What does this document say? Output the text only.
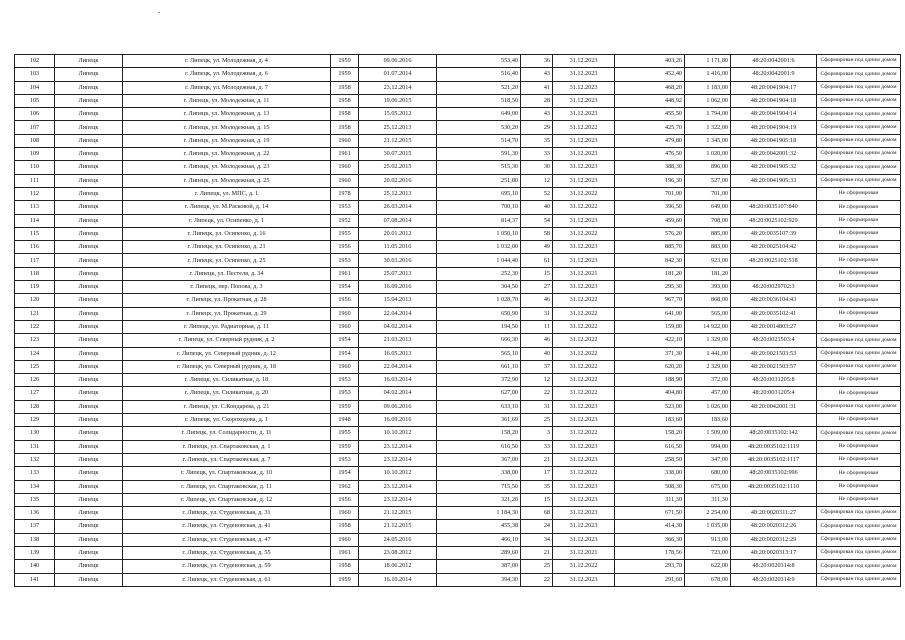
102	Липецк	г. Липецк, ул. Молодежная, д. 4	1959	09.06.2016	553,40	36	31.12.2023	403,26	1 171,80	48:20:0042001:6	Сформирован под одним домом
103	Липецк	г. Липецк, ул. Молодежная, д. 6	1959	01.07.2014	516,40	43	31.12.2023	452,40	1 416,00	48:20:0042001:9	Сформирован под одним домом
104	Липецк	г. Липецк, ул. Молодежная, д. 7	1958	23.12.2014	521,20	41	31.12.2023	468,20	1 183,00	48:20:0041904:17	Сформирован под одним домом
105	Липецк	г. Липецк, ул. Молодежная, д. 11	1958	19.06.2015	518,50	28	31.12.2023	448,92	1 062,00	48:20:0041904:18	Сформирован под одним домом
106	Липецк	г. Липецк, ул. Молодежная, д. 13	1958	15.05.2012	649,00	43	31.12.2023	455,50	1 794,00	48:20:0041904:14	Сформирован под одним домом
107	Липецк	г. Липецк, ул. Молодежная, д. 15	1958	25.12.2013	530,20	29	31.12.2022	425,70	1 322,00	48:20:0041904:19	Сформирован под одним домом
108	Липецк	г. Липецк, ул. Молодежная, д. 19	1960	21.12.2015	514,70	35	31.12.2023	479,80	1 345,00	48:20:0041905:18	Сформирован под одним домом
109	Липецк	г. Липецк, ул. Молодежная, д. 22	1961	30.07.2015	591,30	33	31.12.2023	476,50	1 020,00	48:20:0042001:32	Сформирован под одним домом
110	Липецк	г. Липецк, ул. Молодежная, д. 23	1960	25.02.2015	515,30	30	31.12.2023	388,30	896,00	48:20:0041905:32	Сформирован под одним домом
111	Липецк	г. Липецк, ул. Молодежная, д. 25	1960	20.02.2016	251,80	12	31.12.2023	196,30	527,00	48:20:0041905:33	Сформирован под одним домом
112	Липецк	г. Липецк, ул. МПС, д. 1	1978	25.12.2013	695,10	52	31.12.2022	701,00	701,00		Не сформирован
113	Липецк	г. Липецк, ул. М.Расковой, д. 14	1953	26.03.2014	700,10	40	31.12.2022	396,50	649,00	48:20:0035107:840	Не сформирован
114	Липецк	г. Липецк, ул. Осипенко, д. 1	1952	07.08.2014	814,37	54	31.12.2023	459,60	708,00	48:20:0025102:929	Не сформирован
115	Липецк	г. Липецк, ул. Осипенко, д. 16	1955	20.01.2012	1 050,10	58	31.12.2022	576,20	885,00	48:20:0035107:39	Не сформирован
116	Липецк	г. Липецк, ул. Осипенко, д. 21	1956	11.05.2016	1 032,00	49	31.12.2023	885,70	883,00	48:20:0025104:42	Не сформирован
117	Липецк	г. Липецк, ул. Осипенко, д. 25	1953	30.03.2016	1 044,40	61	31.12.2023	842,30	923,00	48:20:0025102:518	Не сформирован
118	Липецк	г. Липецк, ул. Пестеля, д. 34	1961	25.07.2013	252,30	15	31.12.2021	181,20	181,20		Не сформирован
119	Липецк	г. Липецк, пер. Попова, д. 3	1954	16.09.2016	304,50	27	31.12.2023	295,30	393,00	48:20:0029702:3	Не сформирован
120	Липецк	г. Липецк, ул. Прокатная, д. 28	1956	15.04.2013	1 028,70	46	31.12.2022	967,70	868,00	48:20:0036104:43	Не сформирован
121	Липецк	г. Липецк, ул. Прокатная, д. 29	1960	22.04.2014	650,90	31	31.12.2022	641,00	565,00	48:20:0035102:41	Не сформирован
122	Липецк	г. Липецк, ул. Радиаторная, д. 11	1960	04.02.2014	194,50	11	31.12.2022	159,80	14 922,00	48:20:0014803:27	Не сформирован
123	Липецк	г. Липецк, ул. Северный рудник, д. 2	1954	21.03.2013	666,30	46	31.12.2022	422,10	1 329,00	48:20:0021503:4	Сформирован под одним домом
124	Липецк	г. Липецк, ул. Северный рудник, д. 12	1954	16.05.2013	565,10	40	31.12.2022	371,30	1 441,00	48:20:0021503:53	Сформирован под одним домом
125	Липецк	г. Липецк, ул. Северный рудник, д. 18	1960	22.04.2014	661,10	37	31.12.2022	620,20	2 329,00	48:20:0021503:57	Сформирован под одним домом
126	Липецк	г. Липецк, ул. Силикатная, д. 18	1953	16.03.2014	372,90	12	31.12.2022	188,90	372,00	48:20:0031205:8	Не сформирован
127	Липецк	г. Липецк, ул. Силикатная, д. 20	1953	04.02.2014	627,00	22	31.12.2022	404,80	457,00	48:20:0031205:4	Не сформирован
128	Липецк	г. Липецк, ул. С.Кондарева, д. 21	1959	09.06.2016	633,10	31	31.12.2023	523,00	1 026,00	48:20:0042001:31	Сформирован под одним домом
129	Липецк	г. Липецк, ул. Скороходова, д. 1	1948	16.09.2016	361,69	25	31.12.2023	183,60	183,60		Не сформирован
130	Липецк	г. Липецк, ул. Солидарности, д. 11	1955	10.10.2012	158,20	3	31.12.2022	158,20	1 509,00	48:20:0035102:142	Сформирован под одним домом
131	Липецк	г. Липецк, ул. Спартаковская, д. 1	1959	23.12.2014	616,50	33	31.12.2023	616,50	994,00	48:20:0035102:1119	Не сформирован
132	Липецк	г. Липецк, ул. Спартаковская, д. 7	1953	23.12.2014	367,00	21	31.12.2023	258,50	347,00	48:20:0035102:1117	Не сформирован
133	Липецк	г. Липецк, ул. Спартаковская, д. 10	1954	10.10.2012	338,00	17	31.12.2022	338,00	680,00	48:20:0035102:996	Не сформирован
134	Липецк	г. Липецк, ул. Спартаковская, д. 11	1962	23.12.2014	715,50	35	31.12.2023	508,30	675,00	48:20:0035102:1110	Не сформирован
135	Липецк	г. Липецк, ул. Спартаковская, д. 12	1956	23.12.2014	321,20	15	31.12.2023	311,30	311,30		Не сформирован
136	Липецк	г. Липецк, ул. Студеновская, д. 31	1960	21.12.2015	1 184,30	68	31.12.2023	671,50	2 254,00	48:20:0020311:27	Сформирован под одним домом
137	Липецк	г. Липецк, ул. Студеновская, д. 41	1958	21.12.2015	455,38	24	31.12.2023	414,30	1 035,00	48:20:0020312:26	Сформирован под одним домом
138	Липецк	г. Липецк, ул. Студеновская, д. 47	1960	24.05.2016	466,10	34	31.12.2023	366,30	913,00	48:20:0020312:29	Сформирован под одним домом
139	Липецк	г. Липецк, ул. Студеновская, д. 55	1961	23.08.2012	289,60	21	31.12.2021	178,56	723,00	48:20:0020313:17	Сформирован под одним домом
140	Липецк	г. Липецк, ул. Студеновская, д. 59	1958	18.06.2012	387,00	25	31.12.2022	293,70	622,00	48:20:0020314:8	Сформирован под одним домом
141	Липецк	г. Липецк, ул. Студеновская, д. 61	1959	16.10.2014	394,30	22	31.12.2023	291,60	678,00	48:20:0020314:9	Сформирован под одним домом
